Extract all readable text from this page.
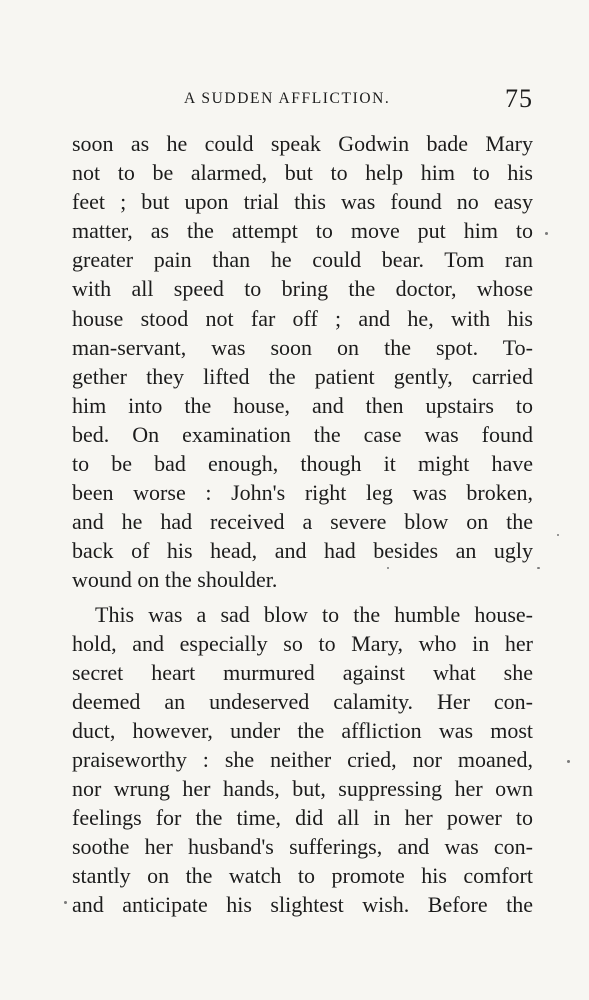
A SUDDEN AFFLICTION.	75
soon as he could speak Godwin bade Mary
not to be alarmed, but to help him to his
feet ; but upon trial this was found no easy
matter, as the attempt to move put him to
greater pain than he could bear. Tom ran
with all speed to bring the doctor, whose
house stood not far off ; and he, with his
man-servant, was soon on the spot. To-
gether they lifted the patient gently, carried
him into the house, and then upstairs to
bed. On examination the case was found
to be bad enough, though it might have
been worse : John's right leg was broken,
and he had received a severe blow on the
back of his head, and had besides an ugly
wound on the shoulder.
This was a sad blow to the humble house-
hold, and especially so to Mary, who in her
secret heart murmured against what she
deemed an undeserved calamity. Her con-
duct, however, under the affliction was most
praiseworthy : she neither cried, nor moaned,
nor wrung her hands, but, suppressing her own
feelings for the time, did all in her power to
soothe her husband's sufferings, and was con-
stantly on the watch to promote his comfort
and anticipate his slightest wish. Before the
